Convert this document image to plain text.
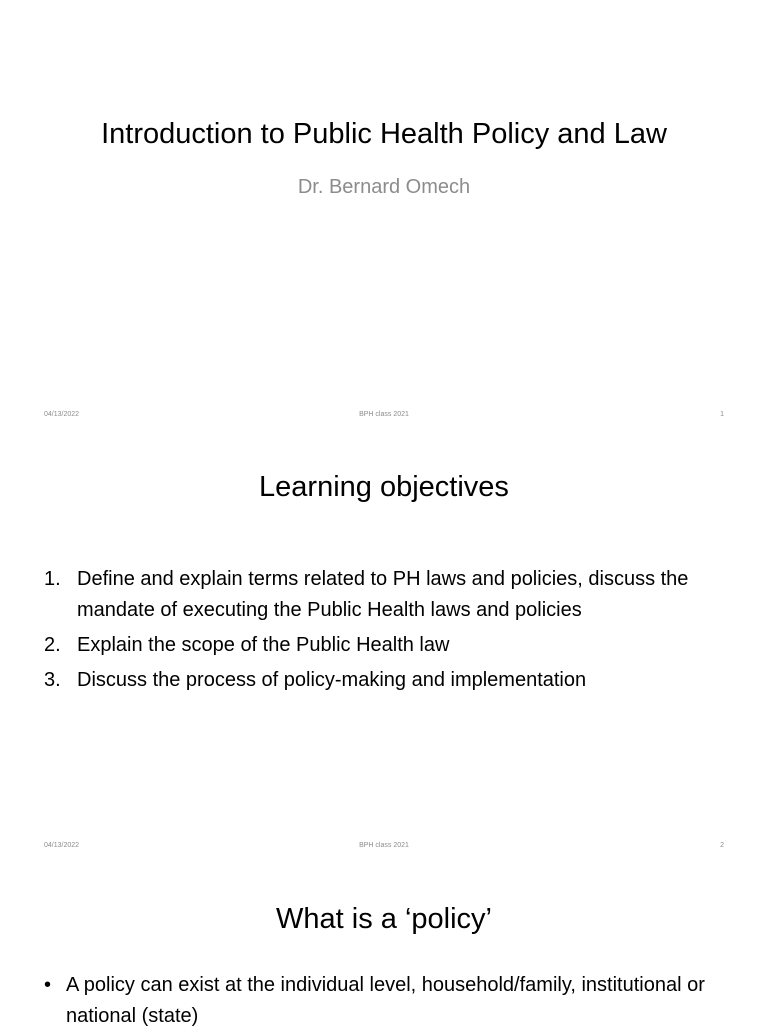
Introduction to Public Health Policy and Law
Dr. Bernard Omech
04/13/2022	BPH class 2021	1
Learning objectives
1. Define and explain terms related to PH laws and policies, discuss the mandate of executing the Public Health laws and policies
2. Explain the scope of the Public Health law
3. Discuss the process of policy-making and implementation
04/13/2022	BPH class 2021	2
What is a ‘policy’
• A policy can exist at the individual level, household/family, institutional or national (state)
